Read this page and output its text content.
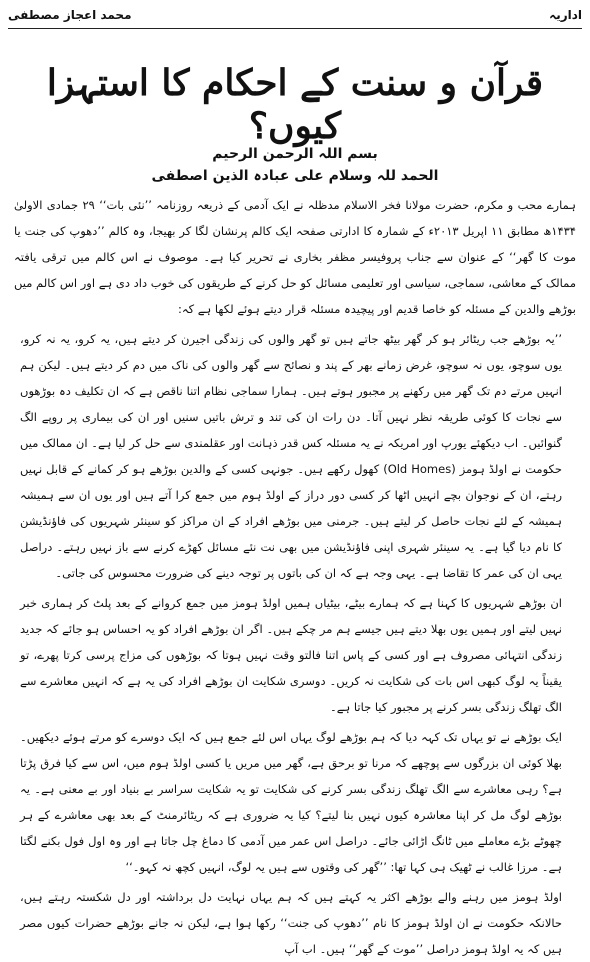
اداریہ
محمد اعجاز مصطفی
قرآن و سنت کے احکام کا استہزا کیوں؟
بسم اللہ الرحمن الرحیم
الحمد للہ وسلام علی عبادہ الذین اصطفی

ہمارے محب و مکرم، حضرت مولانا فخر الاسلام مدظلہ نے ایک آدمی کے ذریعہ روزنامہ ’’نئی بات‘‘ ۲۹ جمادی الاولیٰ ۱۴۳۴ھ مطابق ۱۱ اپریل ۲۰۱۳ء کے شمارہ کا ادارتی صفحہ ایک کالم پرنشان لگا کر بھیجا، وہ کالم ’’دھوپ کی جنت یا موت کا گھر‘‘ کے عنوان سے جناب پروفیسر مظفر بخاری نے تحریر کیا ہے۔ موصوف نے اس کالم میں ترقی یافتہ ممالک کے معاشی، سماجی، سیاسی اور تعلیمی مسائل کو حل کرنے کے طریقوں کی خوب داد دی ہے اور اس کالم میں بوڑھے والدین کے مسئلہ کو خاصا قدیم اور پیچیدہ مسئلہ قرار دیتے ہوئے لکھا ہے کہ:

’’یہ بوڑھے جب ریٹائر ہو کر گھر بیٹھ جاتے ہیں تو گھر والوں کی زندگی اجیرن کر دیتے ہیں، یہ کرو، یہ نہ کرو، یوں سوچو، یوں نہ سوچو، غرض زمانے بھر کے پند و نصائح سے گھر والوں کی ناک میں دم کر دیتے ہیں۔ لیکن ہم انہیں مرتے دم تک گھر میں رکھنے پر مجبور ہوتے ہیں۔ ہمارا سماجی نظام اتنا ناقص ہے کہ ان تکلیف دہ بوڑھوں سے نجات کا کوئی طریقہ نظر نہیں آتا۔ دن رات ان کی تند و ترش باتیں سنیں اور ان کی بیماری پر روپے الگ گنوائیں۔ اب دیکھئے یورپ اور امریکہ نے یہ مسئلہ کس قدر ذہانت اور عقلمندی سے حل کر لیا ہے۔ ان ممالک میں حکومت نے اولڈ ہومز (Old Homes) کھول رکھے ہیں۔ جونہی کسی کے والدین بوڑھے ہو کر کمانے کے قابل نہیں رہتے، ان کے نوجوان بچے انہیں اٹھا کر کسی دور دراز کے اولڈ ہوم میں جمع کرا آتے ہیں اور یوں ان سے ہمیشہ ہمیشہ کے لئے نجات حاصل کر لیتے ہیں۔ جرمنی میں بوڑھے افراد کے ان مراکز کو سینئر شہریوں کی فاؤنڈیشن کا نام دیا گیا ہے۔ یہ سینئر شہری اپنی فاؤنڈیشن میں بھی نت نئے مسائل کھڑے کرنے سے باز نہیں رہتے۔ دراصل یہی ان کی عمر کا تقاضا ہے۔ یہی وجہ ہے کہ ان کی باتوں پر توجہ دینے کی ضرورت محسوس کی جاتی۔

ان بوڑھے شہریوں کا کہنا ہے کہ ہمارے بیٹے، بیٹیاں ہمیں اولڈ ہومز میں جمع کروانے کے بعد پلٹ کر ہماری خبر نہیں لیتے اور ہمیں یوں بھلا دیتے ہیں جیسے ہم مر چکے ہیں۔ اگر ان بوڑھے افراد کو یہ احساس ہو جائے کہ جدید زندگی انتہائی مصروف ہے اور کسی کے پاس اتنا فالتو وقت نہیں ہوتا کہ بوڑھوں کی مزاج پرسی کرتا پھرے، تو یقیناً یہ لوگ کبھی اس بات کی شکایت نہ کریں۔ دوسری شکایت ان بوڑھے افراد کی یہ ہے کہ انہیں معاشرے سے الگ تھلگ زندگی بسر کرنے پر مجبور کیا جاتا ہے۔

ایک بوڑھے نے تو یہاں تک کہہ دیا کہ ہم بوڑھے لوگ یہاں اس لئے جمع ہیں کہ ایک دوسرے کو مرتے ہوئے دیکھیں۔ بھلا کوئی ان بزرگوں سے پوچھے کہ مرنا تو برحق ہے، گھر میں مریں یا کسی اولڈ ہوم میں، اس سے کیا فرق پڑتا ہے؟ رہی معاشرے سے الگ تھلگ زندگی بسر کرنے کی شکایت تو یہ شکایت سراسر بے بنیاد اور بے معنی ہے۔ یہ بوڑھے لوگ مل کر اپنا معاشرہ کیوں نہیں بنا لیتے؟ کیا یہ ضروری ہے کہ ریٹائرمنٹ کے بعد بھی معاشرے کے ہر چھوٹے بڑے معاملے میں ٹانگ اڑائی جائے۔ دراصل اس عمر میں آدمی کا دماغ چل جاتا ہے اور وہ اول فول بکنے لگتا ہے۔ مرزا غالب نے ٹھیک ہی کہا تھا: ’’گھر کی وقتوں سے ہیں یہ لوگ، انہیں کچھ نہ کہو۔‘‘

اولڈ ہومز میں رہنے والے بوڑھے اکثر یہ کہتے ہیں کہ ہم یہاں نہایت دل برداشتہ اور دل شکستہ رہتے ہیں، حالانکہ حکومت نے ان اولڈ ہومز کا نام ’’دھوپ کی جنت‘‘ رکھا ہوا ہے، لیکن نہ جانے بوڑھے حضرات کیوں مصر ہیں کہ یہ اولڈ ہومز دراصل ’’موت کے گھر‘‘ ہیں۔ اب آپ
